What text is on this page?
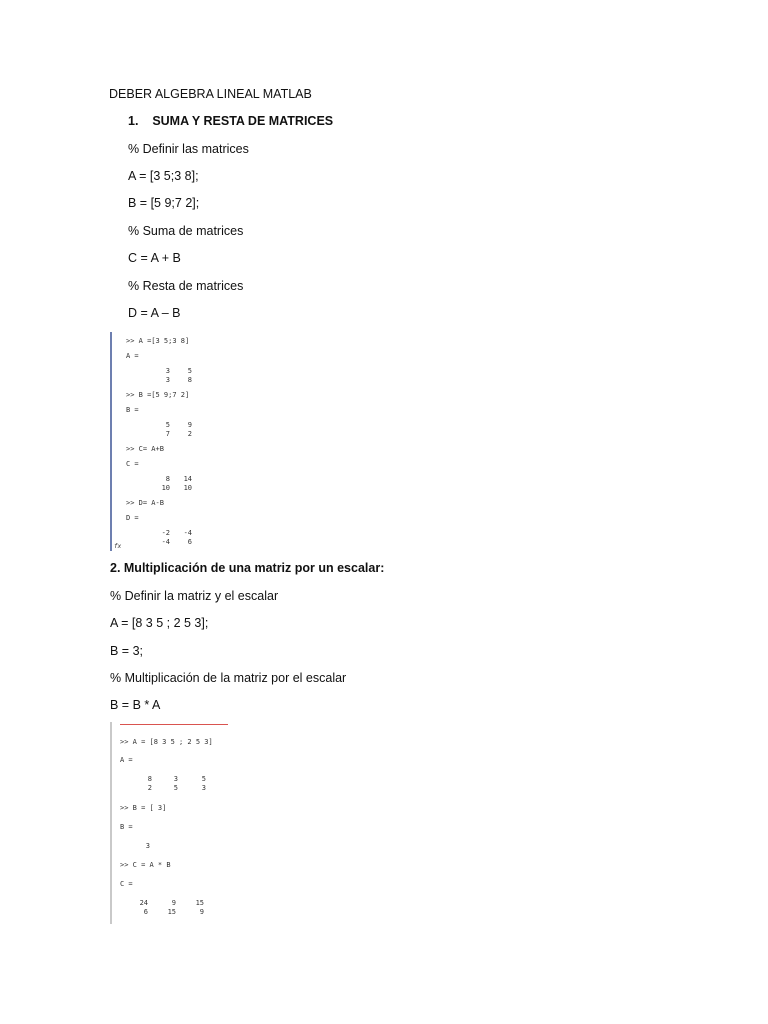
DEBER ALGEBRA LINEAL MATLAB
1.    SUMA Y RESTA DE MATRICES
% Definir las matrices
A = [3 5;3 8];
B = [5 9;7 2];
% Suma de matrices
C = A + B
% Resta de matrices
D = A – B
>> A =[3 5;3 8]
A =
3	5
3	8
>> B =[5 9;7 2]
B =
5	9
7	2
>> C= A+B
C =
8	14
10	10
>> D= A-B
D =
-2	-4
-4	6
fx
2. Multiplicación de una matriz por un escalar:
% Definir la matriz y el escalar
A = [8 3 5 ; 2 5 3];
B = 3;
% Multiplicación de la matriz por el escalar
B = B * A
>> A = [8 3 5 ; 2 5 3]
A =
8	3	5
2	5	3
>> B = [ 3]
B =
3
>> C = A * B
C =
24	9	15
6	15	9
